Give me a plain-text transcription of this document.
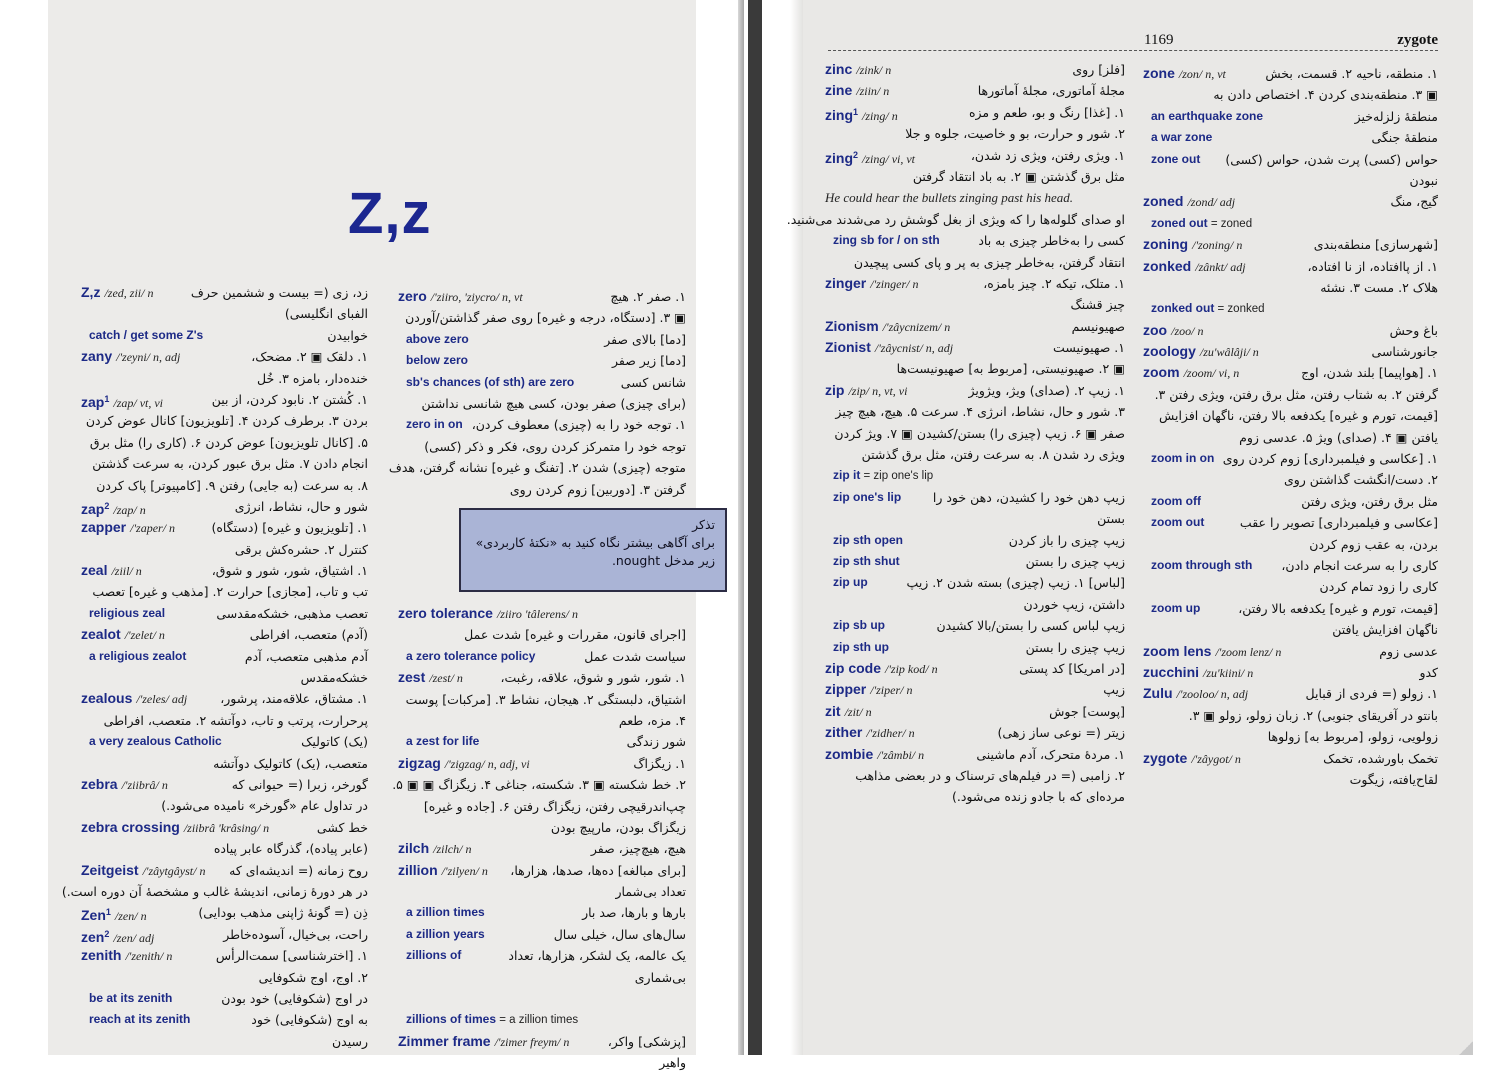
Z,z
Z,z /zed, zii/ n	زد، زی (= بیست و ششمین حرف
الفبای انگلیسی)
catch / get some Z's	خوابیدن
zany /'zeyni/ n, adj	۱. دلقک ▣ ۲. مضحک،
خنده‌دار، بامزه ۳. خُل
zap$^1$ /zap/ vt, vi	۱. کُشتن ۲. نابود کردن، از بین
بردن ۳. برطرف کردن ۴. [تلویزیون] کانال عوض کردن
۵. [کانال تلویزیون] عوض کردن ۶. (کاری را) مثل برق
انجام دادن ۷. مثل برق عبور کردن، به سرعت گذشتن
۸. به سرعت (به جایی) رفتن ۹. [کامپیوتر] پاک کردن
zap$^2$ /zap/ n	شور و حال، نشاط، انرژی
zapper /'zaper/ n	۱. [تلویزیون و غیره] (دستگاه)
کنترل ۲. حشره‌کش برقی
zeal /ziil/ n	۱. اشتیاق، شور، شور و شوق،
تب و تاب، [مجازی] حرارت ۲. [مذهب و غیره] تعصب
religious zeal	تعصب مذهبی، خشکه‌مقدسی
zealot /'zelet/ n	(آدم) متعصب، افراطی
a religious zealot	آدم مذهبی متعصب، آدم
خشکه‌مقدس
zealous /'zeles/ adj	۱. مشتاق، علاقه‌مند، پرشور،
پرحرارت، پرتب و تاب، دوآتشه ۲. متعصب، افراطی
a very zealous Catholic	(یک) کاتولیک
متعصب، (یک) کاتولیک دوآتشه
zebra /'ziibrâ/ n	گورخر، زبرا (= حیوانی که
در تداول عام «گورخر» نامیده می‌شود.)
zebra crossing /ziibrâ 'krâsing/ n	خط کشی
(عابر پیاده)، گذرگاه عابر پیاده
Zeitgeist /'zâytgâyst/ n روح زمانه (= اندیشه‌ای که
در هر دورهٔ زمانی، اندیشهٔ غالب و مشخصهٔ آن دوره است.)
Zen$^1$ /zen/ n	ذِن (= گونهٔ ژاپنی مذهب بودایی)
zen$^2$ /zen/ adj	راحت، بی‌خیال، آسوده‌خاطر
zenith /'zenith/ n	۱. [اخترشناسی] سمت‌الرأس
۲. اوج، اوج شکوفایی
be at its zenith	در اوج (شکوفایی) خود بودن
reach at its zenith	به اوج (شکوفایی) خود
رسیدن
zero /'ziiro, 'ziycro/ n, vt	۱. صفر ۲. هیچ
▣ ۳. [دستگاه، درجه و غیره] روی صفر گذاشتن/آوردن
above zero	[دما] بالای صفر
below zero	[دما] زیر صفر
sb's chances (of sth) are zero	شانس کسی
(برای چیزی) صفر بودن، کسی هیچ شانسی نداشتن
zero in on ۱. توجه خود را به (چیزی) معطوف کردن،
توجه خود را متمرکز کردن روی، فکر و ذکر (کسی)
متوجه (چیزی) شدن ۲. [تفنگ و غیره] نشانه گرفتن، هدف
گرفتن ۳. [دوربین] زوم کردن روی
تذکر
برای آگاهی بیشتر نگاه کنید به «نکتهٔ کاربردی» زیر مدخل nought.
zero tolerance /ziiro 'tâlerens/ n
[اجرای قانون، مقررات و غیره] شدت عمل
a zero tolerance policy	سیاست شدت عمل
zest /zest/ n	۱. شور، شور و شوق، علاقه، رغبت،
اشتیاق، دلبستگی ۲. هیجان، نشاط ۳. [مرکبات] پوست
۴. مزه، طعم
a zest for life	شور زندگی
zigzag /'zigzag/ n, adj, vi	۱. زیگزاگ
۲. خط شکسته ▣ ۳. شکسته، جناغی ۴. زیگزاگ ▣ ▣ ۵.
چپ‌اندرقیچی رفتن، زیگزاگ رفتن ۶. [جاده و غیره]
زیگزاگ بودن، مارپیچ بودن
zilch /zilch/ n	هیچ، هیچ‌چیز، صفر
zillion /'zilyen/ n [برای مبالغه] ده‌ها، صدها، هزارها،
تعداد بی‌شمار
a zillion times	بارها و بارها، صد بار
a zillion years	سال‌های سال، خیلی سال
zillions of	یک عالمه، یک لشکر، هزارها، تعداد
بی‌شماری
zillions of times = a zillion times
Zimmer frame /'zimer freym/ n	[پزشکی] واکر،
واهیر
1169	zygote
zinc /zink/ n	[فلز] روی
zine /ziin/ n	مجلهٔ آماتوری، مجلهٔ آماتورها
zing$^1$ /zing/ n	۱. [غذا] رنگ و بو، طعم و مزه
۲. شور و حرارت، بو و خاصیت، جلوه و جلا
zing$^2$ /zing/ vi, vt	۱. ویژی رفتن، ویژی زد شدن،
مثل برق گذشتن ▣ ۲. به باد انتقاد گرفتن
He could hear the bullets zinging past his head.
او صدای گلوله‌ها را که ویژی از بغل گوشش رد می‌شدند می‌شنید.
zing sb for / on sth	کسی را به‌خاطر چیزی به باد
انتقاد گرفتن، به‌خاطر چیزی به پر و پای کسی پیچیدن
zinger /'zinger/ n	۱. متلک، تیکه ۲. چیز بامزه،
چیز قشنگ
Zionism /'zâycnizem/ n	صهیونیسم
Zionist /'zâycnist/ n, adj	۱. صهیونیست
▣ ۲. صهیونیستی، [مربوط به] صهیونیست‌ها
zip /zip/ n, vt, vi	۱. زیپ ۲. (صدای) ویژ، ویژویژ
۳. شور و حال، نشاط، انرژی ۴. سرعت ۵. هیچ، هیچ چیز
صفر ▣ ۶. زیپ (چیزی را) بستن/کشیدن ▣ ۷. ویژ کردن
ویژی رد شدن ۸. به سرعت رفتن، مثل برق گذشتن
zip it = zip one's lip
zip one's lip	زیپ دهن خود را کشیدن، دهن خود را
بستن
zip sth open	زیپ چیزی را باز کردن
zip sth shut	زیپ چیزی را بستن
zip up	[لباس] ۱. زیپ (چیزی) بسته شدن ۲. زیپ
داشتن، زیپ خوردن
zip sb up	زیپ لباس کسی را بستن/بالا کشیدن
zip sth up	زیپ چیزی را بستن
zip code /'zip kod/ n	[در امریکا] کد پستی
zipper /'ziper/ n	زیپ
zit /zit/ n	[پوست] جوش
zither /'zidher/ n	زیتر (= نوعی ساز زهی)
zombie /'zâmbi/ n	۱. مردهٔ متحرک، آدم ماشینی
۲. زامبی (= در فیلم‌های ترسناک و در بعضی مذاهب
مرده‌ای که با جادو زنده می‌شود.)
zone /zon/ n, vt	۱. منطقه، ناحیه ۲. قسمت، بخش
▣ ۳. منطقه‌بندی کردن ۴. اختصاص دادن به
an earthquake zone	منطقهٔ زلزله‌خیز
a war zone	منطقهٔ جنگی
zone out حواس (کسی) پرت شدن، حواس (کسی)
نبودن
zoned /zond/ adj	گیج، منگ
zoned out = zoned
zoning /'zoning/ n	[شهرسازی] منطقه‌بندی
zonked /zânkt/ adj	۱. از پاافتاده، از نا افتاده،
هلاک ۲. مست ۳. نشئه
zonked out = zonked
zoo /zoo/ n	باغ وحش
zoology /zu'wâlâji/ n	جانورشناسی
zoom /zoom/ vi, n	۱. [هواپیما] بلند شدن، اوج
گرفتن ۲. به شتاب رفتن، مثل برق رفتن، ویژی رفتن ۳.
[قیمت، تورم و غیره] یکدفعه بالا رفتن، ناگهان افزایش
یافتن ▣ ۴. (صدای) ویژ ۵. عدسی زوم
zoom in on ۱. [عکاسی و فیلمبرداری] زوم کردن روی
۲. دست/انگشت گذاشتن روی
zoom off	مثل برق رفتن، ویژی رفتن
zoom out	[عکاسی و فیلمبرداری] تصویر را عقب
بردن، به عقب زوم کردن
zoom through sth کاری را به سرعت انجام دادن،
کاری را زود تمام کردن
zoom up	[قیمت، تورم و غیره] یکدفعه بالا رفتن،
ناگهان افزایش یافتن
zoom lens /'zoom lenz/ n	عدسی زوم
zucchini /zu'kiini/ n	کدو
Zulu /'zooloo/ n, adj	۱. زولو (= فردی از قبایل
بانتو در آفریقای جنوبی) ۲. زبان زولو، زولو ▣ ۳.
زولویی، زولو، [مربوط به] زولوها
zygote /'zâygot/ n	تخمک باورشده، تخمک
لقاح‌یافته، زیگوت
